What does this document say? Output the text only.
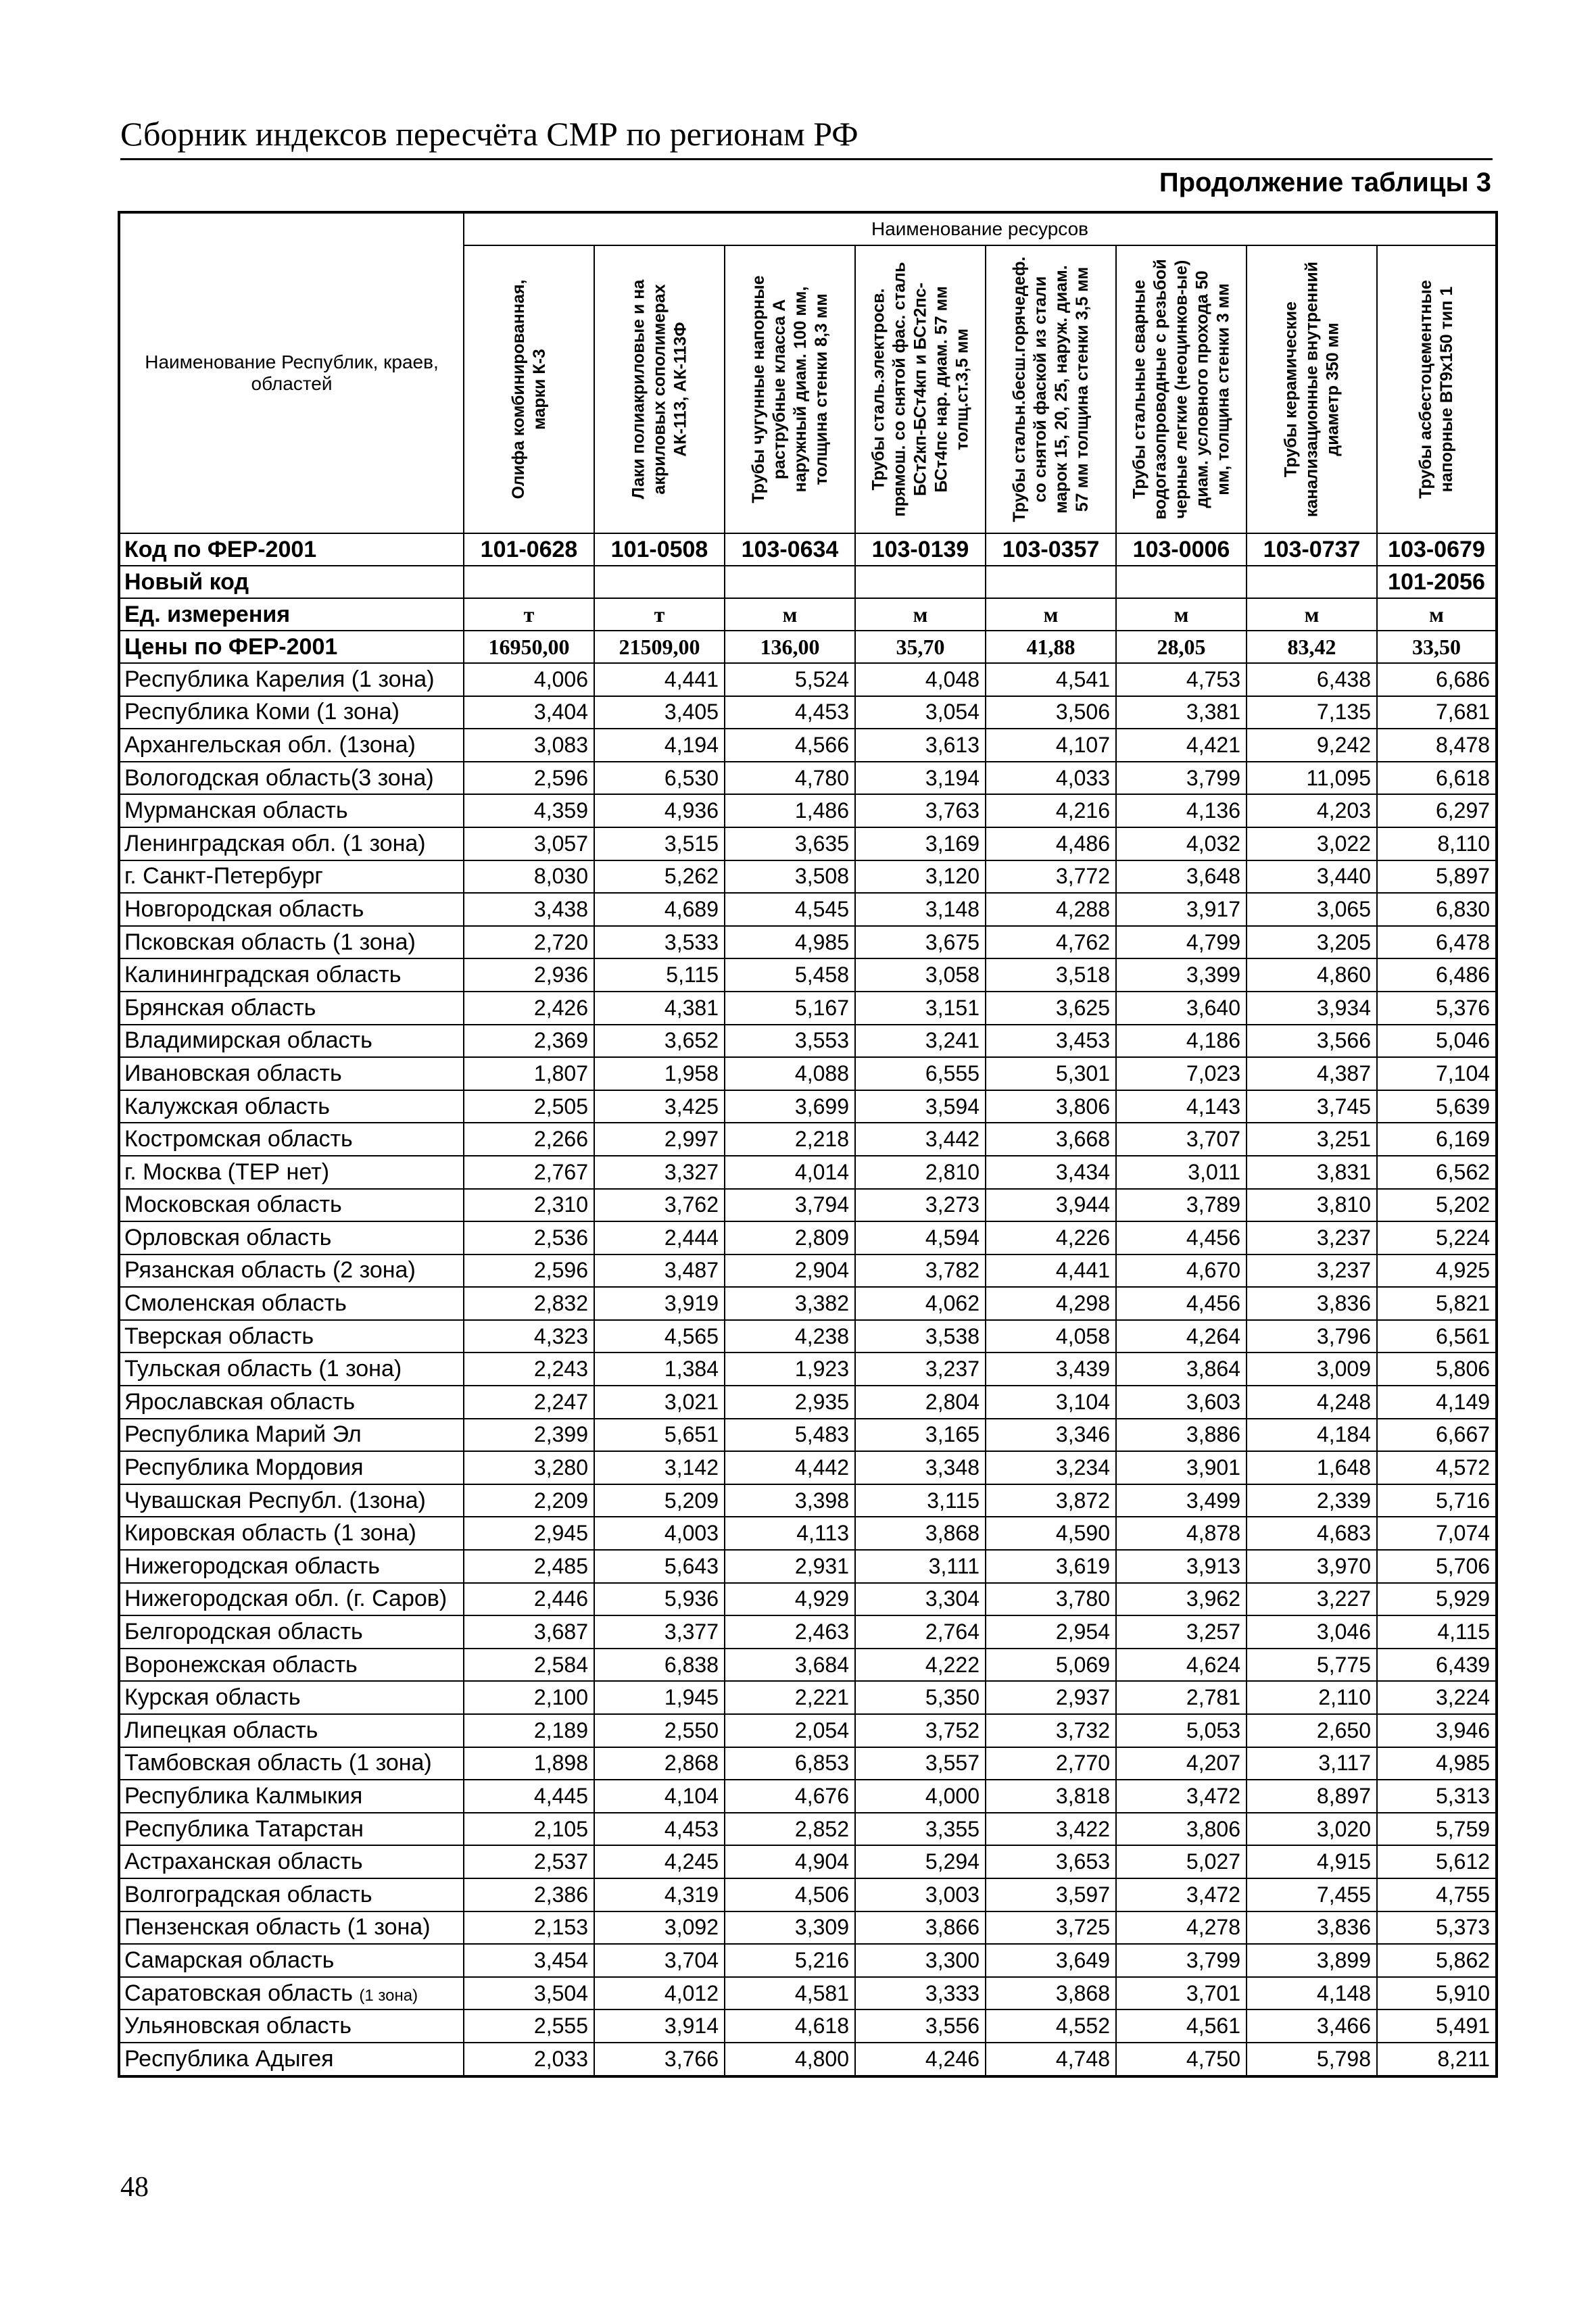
Сборник индексов пересчёта СМР по регионам РФ
Продолжение таблицы 3
Наименование Республик, краев, областей	Наименование ресурсов							

	Олифа комбинированная, марки К-3	Лаки полиакриловые и на акриловых сополимерах АК-113, АК-113Ф	Трубы чугунные напорные раструбные класса А наружный диам. 100 мм, толщина стенки 8,3 мм	Трубы сталь.электросв. прямош. со снятой фас. сталь БСт2кп-БСт4кп и БСт2пс-БСт4пс нар. диам. 57 мм толщ.ст.3,5 мм	Трубы стальн.бесш.горячедеф. со снятой фаской из стали марок 15, 20, 25, наруж. диам. 57 мм толщина стенки 3,5 мм	Трубы стальные сварные водогазопроводные с резьбой черные легкие (неоцинков-ые) диам. условного прохода 50 мм, толщина стенки 3 мм	Трубы керамические канализационные внутренний диаметр 350 мм	Трубы асбестоцементные напорные ВТ9х150 тип 1

Код по ФЕР-2001	101-0628	101-0508	103-0634	103-0139	103-0357	103-0006	103-0737	103-0679
Новый код								101-2056
Ед. измерения	т	т	м	м	м	м	м	м
Цены по ФЕР-2001	16950,00	21509,00	136,00	35,70	41,88	28,05	83,42	33,50
Республика Карелия (1 зона)	4,006	4,441	5,524	4,048	4,541	4,753	6,438	6,686
Республика Коми (1 зона)	3,404	3,405	4,453	3,054	3,506	3,381	7,135	7,681
Архангельская обл. (1зона)	3,083	4,194	4,566	3,613	4,107	4,421	9,242	8,478
Вологодская область(3 зона)	2,596	6,530	4,780	3,194	4,033	3,799	11,095	6,618
Мурманская область	4,359	4,936	1,486	3,763	4,216	4,136	4,203	6,297
Ленинградская обл. (1 зона)	3,057	3,515	3,635	3,169	4,486	4,032	3,022	8,110
г. Санкт-Петербург	8,030	5,262	3,508	3,120	3,772	3,648	3,440	5,897
Новгородская область	3,438	4,689	4,545	3,148	4,288	3,917	3,065	6,830
Псковская область (1 зона)	2,720	3,533	4,985	3,675	4,762	4,799	3,205	6,478
Калининградская область	2,936	5,115	5,458	3,058	3,518	3,399	4,860	6,486
Брянская область	2,426	4,381	5,167	3,151	3,625	3,640	3,934	5,376
Владимирская область	2,369	3,652	3,553	3,241	3,453	4,186	3,566	5,046
Ивановская область	1,807	1,958	4,088	6,555	5,301	7,023	4,387	7,104
Калужская область	2,505	3,425	3,699	3,594	3,806	4,143	3,745	5,639
Костромская область	2,266	2,997	2,218	3,442	3,668	3,707	3,251	6,169
г. Москва (ТЕР нет)	2,767	3,327	4,014	2,810	3,434	3,011	3,831	6,562
Московская область	2,310	3,762	3,794	3,273	3,944	3,789	3,810	5,202
Орловская область	2,536	2,444	2,809	4,594	4,226	4,456	3,237	5,224
Рязанская область (2 зона)	2,596	3,487	2,904	3,782	4,441	4,670	3,237	4,925
Смоленская область	2,832	3,919	3,382	4,062	4,298	4,456	3,836	5,821
Тверская область	4,323	4,565	4,238	3,538	4,058	4,264	3,796	6,561
Тульская область (1 зона)	2,243	1,384	1,923	3,237	3,439	3,864	3,009	5,806
Ярославская область	2,247	3,021	2,935	2,804	3,104	3,603	4,248	4,149
Республика Марий Эл	2,399	5,651	5,483	3,165	3,346	3,886	4,184	6,667
Республика Мордовия	3,280	3,142	4,442	3,348	3,234	3,901	1,648	4,572
Чувашская Республ. (1зона)	2,209	5,209	3,398	3,115	3,872	3,499	2,339	5,716
Кировская область (1 зона)	2,945	4,003	4,113	3,868	4,590	4,878	4,683	7,074
Нижегородская область	2,485	5,643	2,931	3,111	3,619	3,913	3,970	5,706
Нижегородская обл. (г. Саров)	2,446	5,936	4,929	3,304	3,780	3,962	3,227	5,929
Белгородская область	3,687	3,377	2,463	2,764	2,954	3,257	3,046	4,115
Воронежская область	2,584	6,838	3,684	4,222	5,069	4,624	5,775	6,439
Курская область	2,100	1,945	2,221	5,350	2,937	2,781	2,110	3,224
Липецкая область	2,189	2,550	2,054	3,752	3,732	5,053	2,650	3,946
Тамбовская область (1 зона)	1,898	2,868	6,853	3,557	2,770	4,207	3,117	4,985
Республика Калмыкия	4,445	4,104	4,676	4,000	3,818	3,472	8,897	5,313
Республика Татарстан	2,105	4,453	2,852	3,355	3,422	3,806	3,020	5,759
Астраханская область	2,537	4,245	4,904	5,294	3,653	5,027	4,915	5,612
Волгоградская область	2,386	4,319	4,506	3,003	3,597	3,472	7,455	4,755
Пензенская область (1 зона)	2,153	3,092	3,309	3,866	3,725	4,278	3,836	5,373
Самарская область	3,454	3,704	5,216	3,300	3,649	3,799	3,899	5,862
Саратовская область (1 зона)	3,504	4,012	4,581	3,333	3,868	3,701	4,148	5,910
Ульяновская область	2,555	3,914	4,618	3,556	4,552	4,561	3,466	5,491
Республика Адыгея	2,033	3,766	4,800	4,246	4,748	4,750	5,798	8,211
48
